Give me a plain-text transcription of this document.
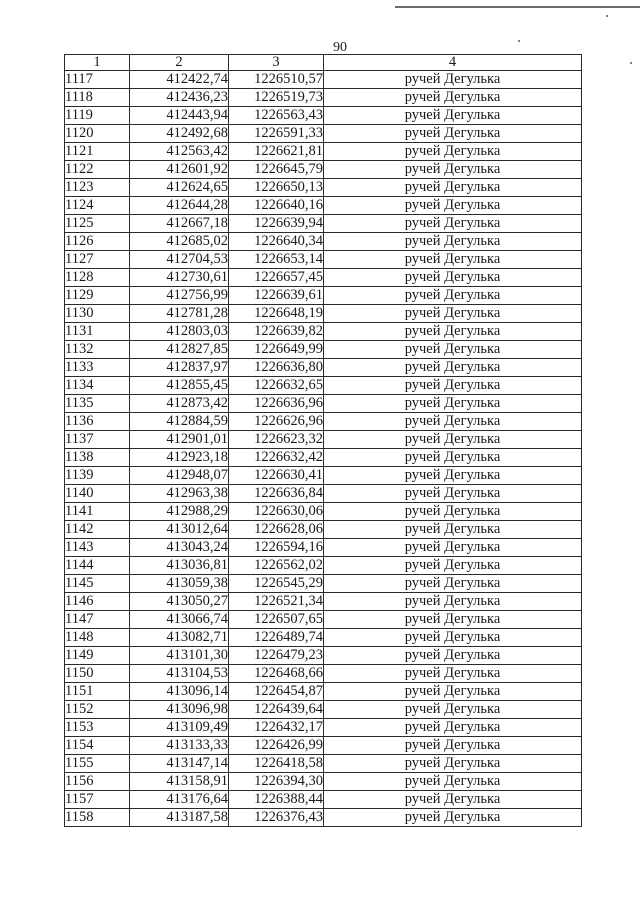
90
1	2	3	4
1117	412422,74	1226510,57	ручей Дегулька
1118	412436,23	1226519,73	ручей Дегулька
1119	412443,94	1226563,43	ручей Дегулька
1120	412492,68	1226591,33	ручей Дегулька
1121	412563,42	1226621,81	ручей Дегулька
1122	412601,92	1226645,79	ручей Дегулька
1123	412624,65	1226650,13	ручей Дегулька
1124	412644,28	1226640,16	ручей Дегулька
1125	412667,18	1226639,94	ручей Дегулька
1126	412685,02	1226640,34	ручей Дегулька
1127	412704,53	1226653,14	ручей Дегулька
1128	412730,61	1226657,45	ручей Дегулька
1129	412756,99	1226639,61	ручей Дегулька
1130	412781,28	1226648,19	ручей Дегулька
1131	412803,03	1226639,82	ручей Дегулька
1132	412827,85	1226649,99	ручей Дегулька
1133	412837,97	1226636,80	ручей Дегулька
1134	412855,45	1226632,65	ручей Дегулька
1135	412873,42	1226636,96	ручей Дегулька
1136	412884,59	1226626,96	ручей Дегулька
1137	412901,01	1226623,32	ручей Дегулька
1138	412923,18	1226632,42	ручей Дегулька
1139	412948,07	1226630,41	ручей Дегулька
1140	412963,38	1226636,84	ручей Дегулька
1141	412988,29	1226630,06	ручей Дегулька
1142	413012,64	1226628,06	ручей Дегулька
1143	413043,24	1226594,16	ручей Дегулька
1144	413036,81	1226562,02	ручей Дегулька
1145	413059,38	1226545,29	ручей Дегулька
1146	413050,27	1226521,34	ручей Дегулька
1147	413066,74	1226507,65	ручей Дегулька
1148	413082,71	1226489,74	ручей Дегулька
1149	413101,30	1226479,23	ручей Дегулька
1150	413104,53	1226468,66	ручей Дегулька
1151	413096,14	1226454,87	ручей Дегулька
1152	413096,98	1226439,64	ручей Дегулька
1153	413109,49	1226432,17	ручей Дегулька
1154	413133,33	1226426,99	ручей Дегулька
1155	413147,14	1226418,58	ручей Дегулька
1156	413158,91	1226394,30	ручей Дегулька
1157	413176,64	1226388,44	ручей Дегулька
1158	413187,58	1226376,43	ручей Дегулька
